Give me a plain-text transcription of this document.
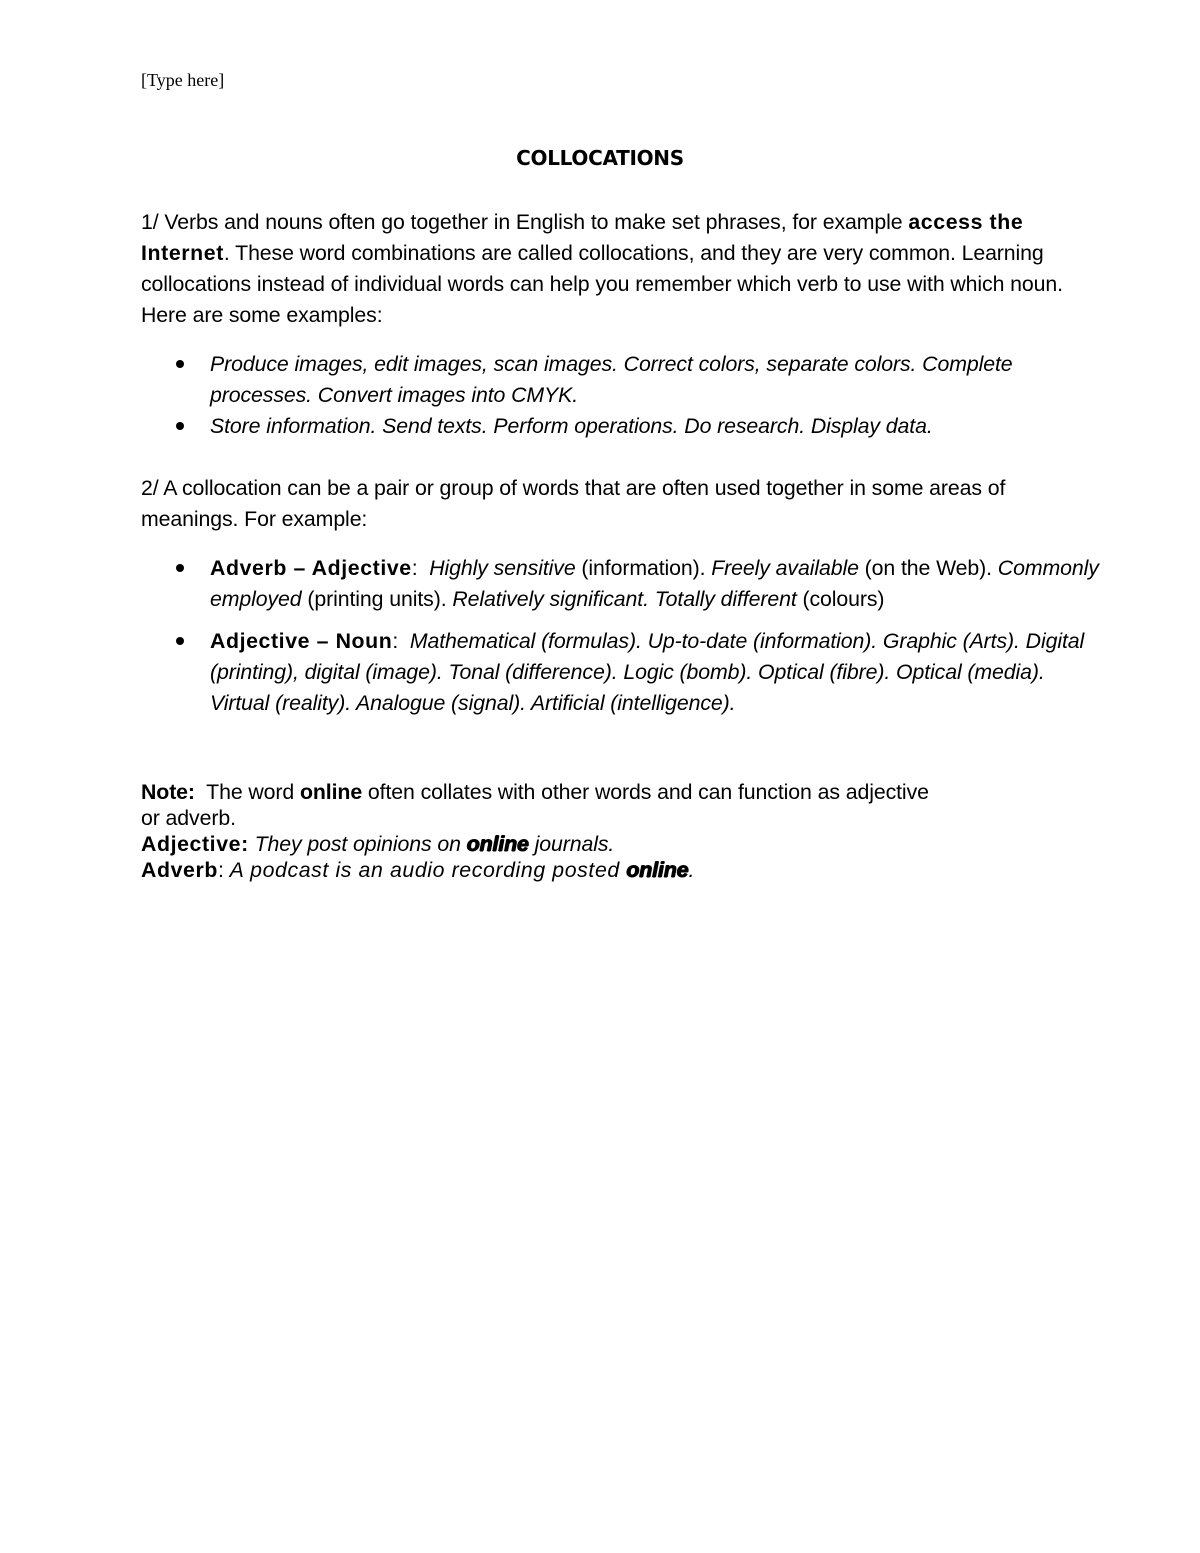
[Type here]
COLLOCATIONS

1/ Verbs and nouns often go together in English to make set phrases, for example access the Internet. These word combinations are called collocations, and they are very common. Learning collocations instead of individual words can help you remember which verb to use with which noun. Here are some examples:

Produce images, edit images, scan images. Correct colors, separate colors. Complete processes. Convert images into CMYK.
Store information. Send texts. Perform operations. Do research. Display data.

2/ A collocation can be a pair or group of words that are often used together in some areas of meanings. For example:

Adverb – Adjective:  Highly sensitive (information). Freely available (on the Web). Commonly employed (printing units). Relatively significant. Totally different (colours)
Adjective – Noun:  Mathematical (formulas). Up-to-date (information). Graphic (Arts). Digital (printing), digital (image). Tonal (difference). Logic (bomb). Optical (fibre). Optical (media). Virtual (reality). Analogue (signal). Artificial (intelligence).
Note:  The word online often collates with other words and can function as adjective
or adverb.
Adjective: They post opinions on online journals.
Adverb: A podcast is an audio recording posted online.
